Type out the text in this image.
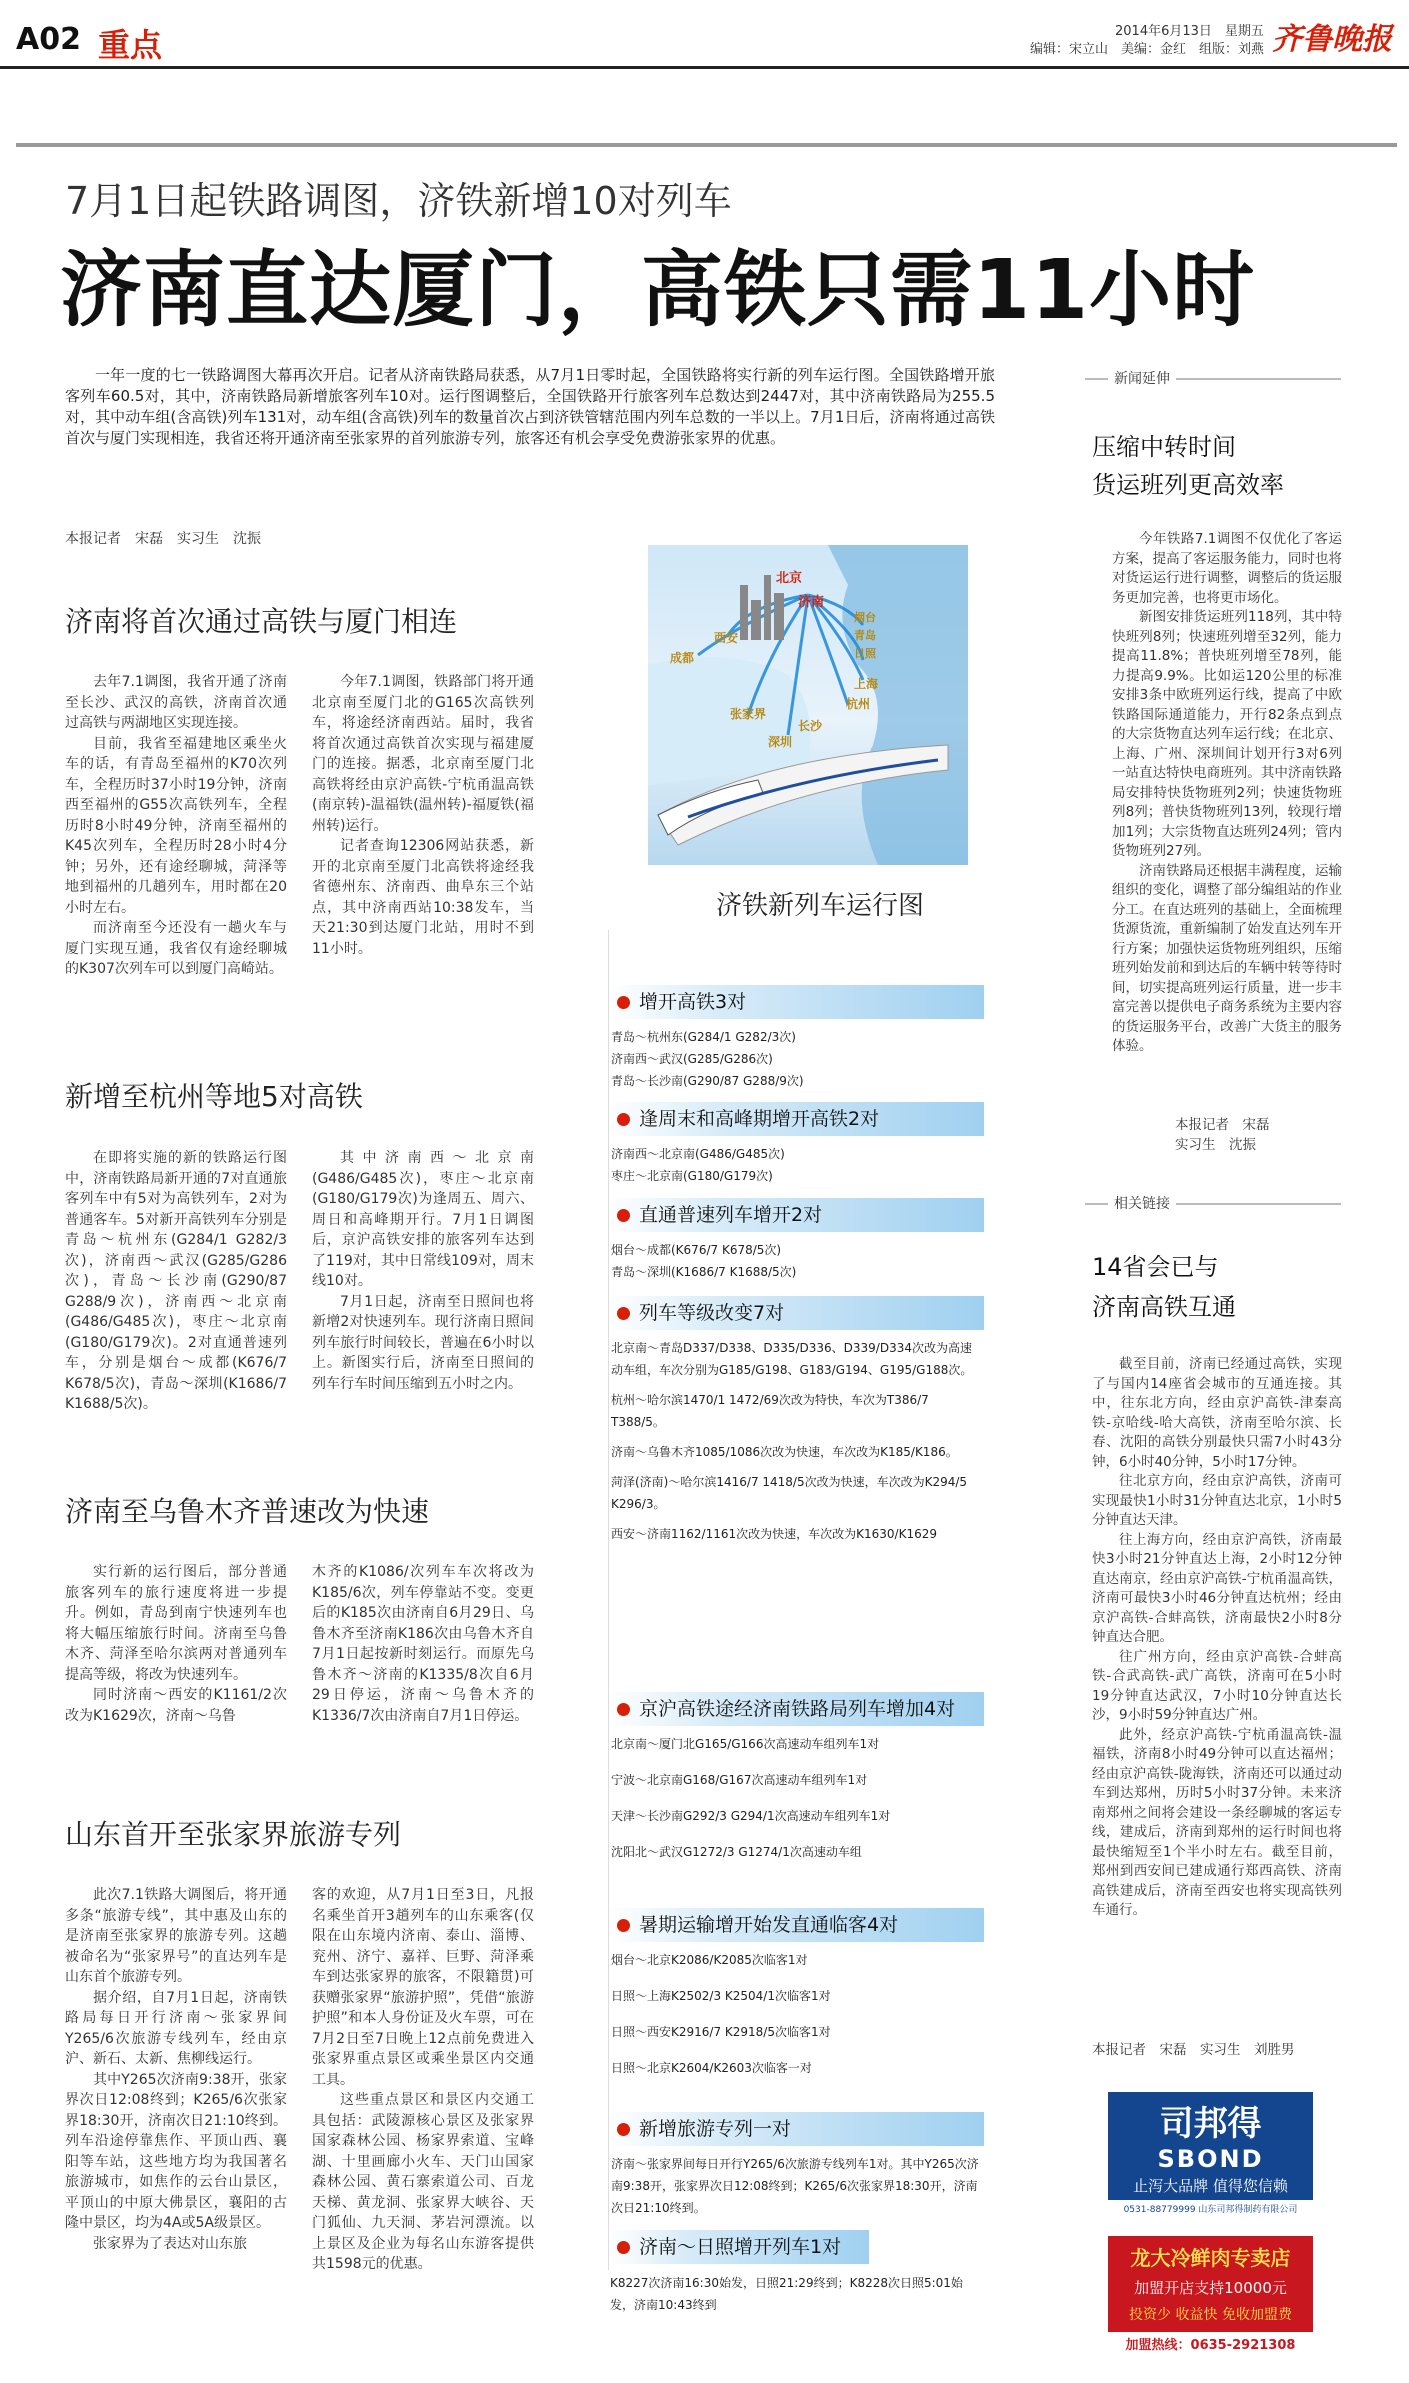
A02 重点	2014年6月13日　星期五
编辑：宋立山　美编：金红　组版：刘燕 齐鲁晚报
7月1日起铁路调图，济铁新增10对列车
济南直达厦门，高铁只需11小时

一年一度的七一铁路调图大幕再次开启。记者从济南铁路局获悉，从7月1日零时起，全国铁路将实行新的列车运行图。全国铁路增开旅客列车60.5对，其中，济南铁路局新增旅客列车10对。运行图调整后，全国铁路开行旅客列车总数达到2447对，其中济南铁路局为255.5对，其中动车组(含高铁)列车131对，动车组(含高铁)列车的数量首次占到济铁管辖范围内列车总数的一半以上。7月1日后，济南将通过高铁首次与厦门实现相连，我省还将开通济南至张家界的首列旅游专列，旅客还有机会享受免费游张家界的优惠。

本报记者　宋磊　实习生　沈振
济南将首次通过高铁与厦门相连

去年7.1调图，我省开通了济南至长沙、武汉的高铁，济南首次通过高铁与两湖地区实现连接。

目前，我省至福建地区乘坐火车的话，有青岛至福州的K70次列车，全程历时37小时19分钟，济南西至福州的G55次高铁列车，全程历时8小时49分钟，济南至福州的K45次列车，全程历时28小时4分钟；另外，还有途经聊城，菏泽等地到福州的几趟列车，用时都在20小时左右。

而济南至今还没有一趟火车与厦门实现互通，我省仅有途经聊城的K307次列车可以到厦门高崎站。

今年7.1调图，铁路部门将开通北京南至厦门北的G165次高铁列车，将途经济南西站。届时，我省将首次通过高铁首次实现与福建厦门的连接。据悉，北京南至厦门北高铁将经由京沪高铁-宁杭甬温高铁(南京转)-温福铁(温州转)-福厦铁(福州转)运行。

记者查询12306网站获悉，新开的北京南至厦门北高铁将途经我省德州东、济南西、曲阜东三个站点，其中济南西站10:38发车，当天21:30到达厦门北站，用时不到11小时。

新增至杭州等地5对高铁

在即将实施的新的铁路运行图中，济南铁路局新开通的7对直通旅客列车中有5对为高铁列车，2对为普通客车。5对新开高铁列车分别是青岛～杭州东(G284/1 G282/3次)，济南西～武汉(G285/G286次)，青岛～长沙南(G290/87 G288/9次)，济南西～北京南(G486/G485次)，枣庄～北京南(G180/G179次)。2对直通普速列车，分别是烟台～成都(K676/7 K678/5次)，青岛～深圳(K1686/7 K1688/5次)。

其中济南西～北京南(G486/G485次)，枣庄～北京南(G180/G179次)为逢周五、周六、周日和高峰期开行。7月1日调图后，京沪高铁安排的旅客列车达到了119对，其中日常线109对，周末线10对。

7月1日起，济南至日照间也将新增2对快速列车。现行济南日照间列车旅行时间较长，普遍在6小时以上。新图实行后，济南至日照间的列车行车时间压缩到五小时之内。

济南至乌鲁木齐普速改为快速

实行新的运行图后，部分普通旅客列车的旅行速度将进一步提升。例如，青岛到南宁快速列车也将大幅压缩旅行时间。济南至乌鲁木齐、菏泽至哈尔滨两对普通列车提高等级，将改为快速列车。

同时济南～西安的K1161/2次改为K1629次，济南～乌鲁

木齐的K1086/次列车车次将改为K185/6次，列车停靠站不变。变更后的K185次由济南自6月29日、乌鲁木齐至济南K186次由乌鲁木齐自7月1日起按新时刻运行。而原先乌鲁木齐～济南的K1335/8次自6月29日停运，济南～乌鲁木齐的K1336/7次由济南自7月1日停运。

山东首开至张家界旅游专列

此次7.1铁路大调图后，将开通多条“旅游专线”，其中惠及山东的是济南至张家界的旅游专列。这趟被命名为“张家界号”的直达列车是山东首个旅游专列。

据介绍，自7月1日起，济南铁路局每日开行济南～张家界间Y265/6次旅游专线列车，经由京沪、新石、太新、焦柳线运行。

其中Y265次济南9:38开，张家界次日12:08终到；K265/6次张家界18:30开，济南次日21:10终到。列车沿途停靠焦作、平顶山西、襄阳等车站，这些地方均为我国著名旅游城市，如焦作的云台山景区，平顶山的中原大佛景区，襄阳的古隆中景区，均为4A或5A级景区。

张家界为了表达对山东旅

客的欢迎，从7月1日至3日，凡报名乘坐首开3趟列车的山东乘客(仅限在山东境内济南、泰山、淄博、兖州、济宁、嘉祥、巨野、菏泽乘车到达张家界的旅客，不限籍贯)可获赠张家界“旅游护照”，凭借“旅游护照”和本人身份证及火车票，可在7月2日至7日晚上12点前免费进入张家界重点景区或乘坐景区内交通工具。

这些重点景区和景区内交通工具包括：武陵源核心景区及张家界国家森林公园、杨家界索道、宝峰湖、十里画廊小火车、天门山国家森林公园、黄石寨索道公司、百龙天梯、黄龙洞、张家界大峡谷、天门狐仙、九天洞、茅岩河漂流。以上景区及企业为每名山东游客提供共1598元的优惠。

北京
济南
烟台
青岛
日照
西安
成都
上海
杭州
张家界
长沙
深圳
济铁新列车运行图
增开高铁3对
青岛～杭州东(G284/1 G282/3次)
济南西～武汉(G285/G286次)
青岛～长沙南(G290/87 G288/9次)
逢周末和高峰期增开高铁2对
济南西～北京南(G486/G485次)
枣庄～北京南(G180/G179次)
直通普速列车增开2对
烟台～成都(K676/7 K678/5次)
青岛～深圳(K1686/7 K1688/5次)
列车等级改变7对
北京南～青岛D337/D338、D335/D336、D339/D334次改为高速动车组，车次分别为G185/G198、G183/G194、G195/G188次。
杭州～哈尔滨1470/1 1472/69次改为特快，车次为T386/7 T388/5。
济南～乌鲁木齐1085/1086次改为快速，车次改为K185/K186。
菏泽(济南)～哈尔滨1416/7 1418/5次改为快速，车次改为K294/5 K296/3。
西安～济南1162/1161次改为快速，车次改为K1630/K1629
京沪高铁途经济南铁路局列车增加4对
北京南～厦门北G165/G166次高速动车组列车1对
宁波～北京南G168/G167次高速动车组列车1对
天津～长沙南G292/3 G294/1次高速动车组列车1对
沈阳北～武汉G1272/3 G1274/1次高速动车组
暑期运输增开始发直通临客4对
烟台～北京K2086/K2085次临客1对
日照～上海K2502/3 K2504/1次临客1对
日照～西安K2916/7 K2918/5次临客1对
日照～北京K2604/K2603次临客一对
新增旅游专列一对
济南～张家界间每日开行Y265/6次旅游专线列车1对。其中Y265次济南9:38开，张家界次日12:08终到；K265/6次张家界18:30开，济南次日21:10终到。
济南～日照增开列车1对
K8227次济南16:30始发，日照21:29终到；K8228次日照5:01始发，济南10:43终到
新闻延伸
压缩中转时间
货运班列更高效率

今年铁路7.1调图不仅优化了客运方案，提高了客运服务能力，同时也将对货运运行进行调整，调整后的货运服务更加完善，也将更市场化。

新图安排货运班列118列，其中特快班列8列；快速班列增至32列，能力提高11.8%；普快班列增至78列，能力提高9.9%。比如运120公里的标准安排3条中欧班列运行线，提高了中欧铁路国际通道能力，开行82条点到点的大宗货物直达列车运行线；在北京、上海、广州、深圳间计划开行3对6列一站直达特快电商班列。其中济南铁路局安排特快货物班列2列；快速货物班列8列；普快货物班列13列，较现行增加1列；大宗货物直达班列24列；管内货物班列27列。

济南铁路局还根据丰满程度，运输组织的变化，调整了部分编组站的作业分工。在直达班列的基础上，全面梳理货源货流，重新编制了始发直达列车开行方案；加强快运货物班列组织，压缩班列始发前和到达后的车辆中转等待时间，切实提高班列运行质量，进一步丰富完善以提供电子商务系统为主要内容的货运服务平台，改善广大货主的服务体验。

本报记者　宋磊
实习生　沈振
相关链接
14省会已与
济南高铁互通

截至目前，济南已经通过高铁，实现了与国内14座省会城市的互通连接。其中，往东北方向，经由京沪高铁-津秦高铁-京哈线-哈大高铁，济南至哈尔滨、长春、沈阳的高铁分别最快只需7小时43分钟，6小时40分钟，5小时17分钟。

往北京方向，经由京沪高铁，济南可实现最快1小时31分钟直达北京，1小时5分钟直达天津。

往上海方向，经由京沪高铁，济南最快3小时21分钟直达上海，2小时12分钟直达南京，经由京沪高铁-宁杭甬温高铁，济南可最快3小时46分钟直达杭州；经由京沪高铁-合蚌高铁，济南最快2小时8分钟直达合肥。

往广州方向，经由京沪高铁-合蚌高铁-合武高铁-武广高铁，济南可在5小时19分钟直达武汉，7小时10分钟直达长沙，9小时59分钟直达广州。

此外，经京沪高铁-宁杭甬温高铁-温福铁，济南8小时49分钟可以直达福州；经由京沪高铁-陇海铁，济南还可以通过动车到达郑州，历时5小时37分钟。未来济南郑州之间将会建设一条经聊城的客运专线，建成后，济南到郑州的运行时间也将最快缩短至1个半小时左右。截至目前，郑州到西安间已建成通行郑西高铁、济南高铁建成后，济南至西安也将实现高铁列车通行。

本报记者　宋磊　实习生　刘胜男
司邦得
SBOND
止泻大品牌 值得您信赖
0531-88779999 山东司邦得制药有限公司
龙大冷鲜肉专卖店
加盟开店支持10000元
投资少 收益快 免收加盟费
加盟热线：0635-2921308
